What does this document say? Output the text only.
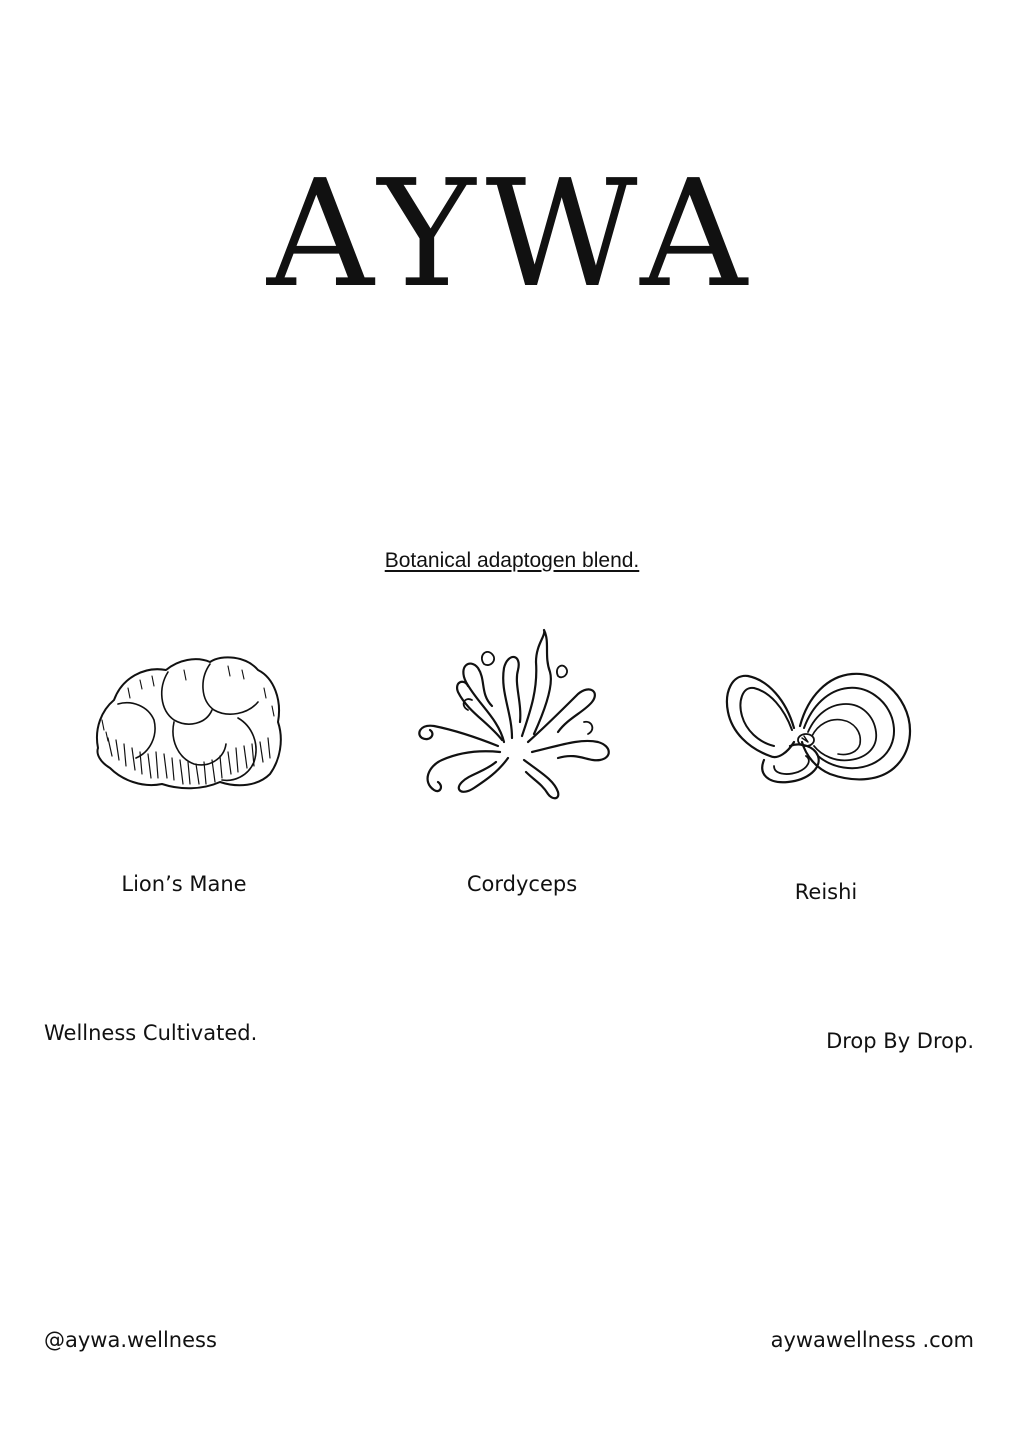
AYWA
Botanical adaptogen blend.
Lion’s Mane	Cordyceps	Reishi
Wellness Cultivated.	Drop By Drop.
@aywa.wellness	aywawellness .com
